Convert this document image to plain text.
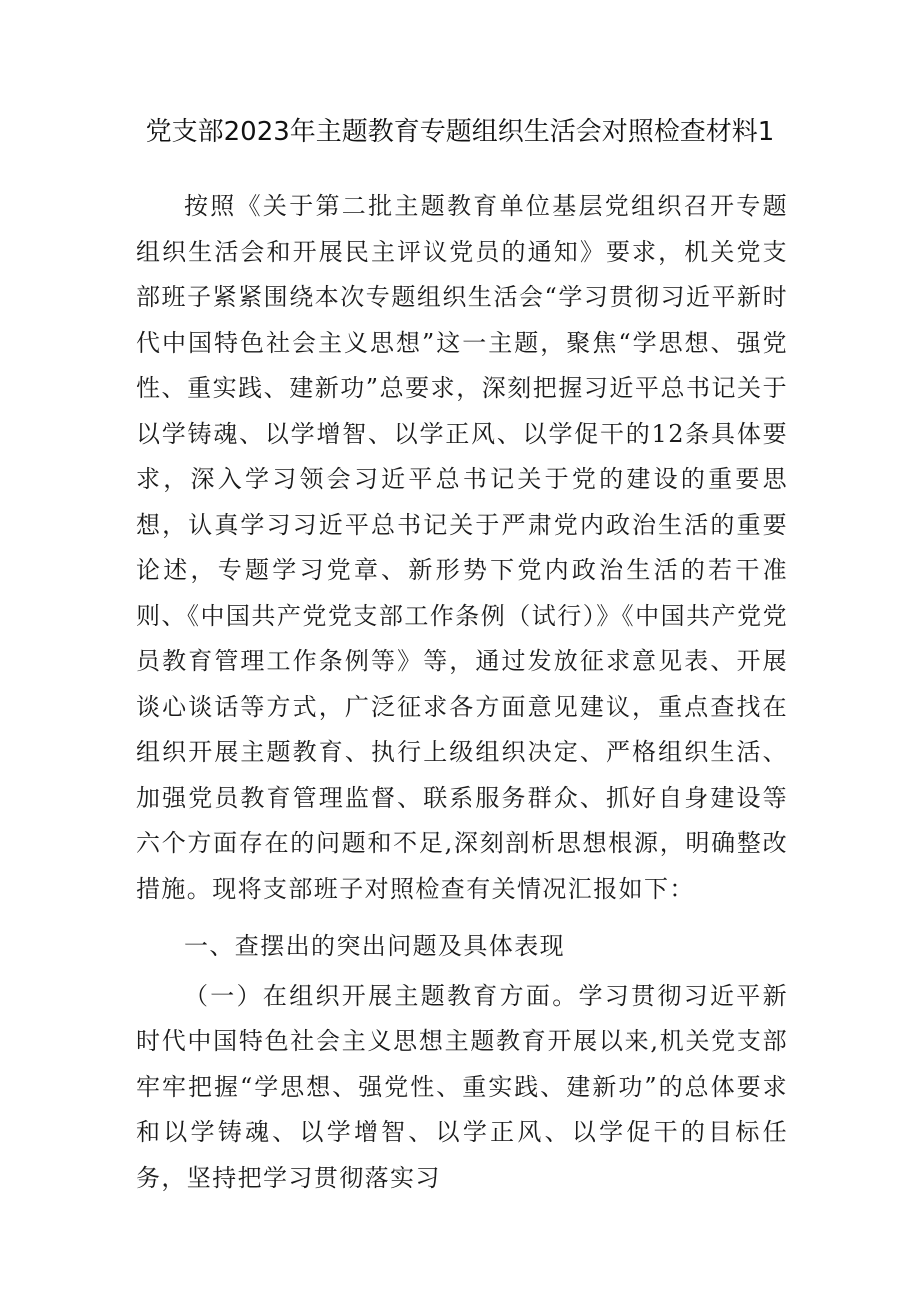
党支部2023年主题教育专题组织生活会对照检查材料1

按照《关于第二批主题教育单位基层党组织召开专题组织生活会和开展民主评议党员的通知》要求，机关党支部班子紧紧围绕本次专题组织生活会“学习贯彻习近平新时代中国特色社会主义思想”这一主题，聚焦“学思想、强党性、重实践、建新功”总要求，深刻把握习近平总书记关于以学铸魂、以学增智、以学正风、以学促干的12条具体要求，深入学习领会习近平总书记关于党的建设的重要思想，认真学习习近平总书记关于严肃党内政治生活的重要论述，专题学习党章、新形势下党内政治生活的若干准则、《中国共产党党支部工作条例（试行）》《中国共产党党员教育管理工作条例等》等，通过发放征求意见表、开展谈心谈话等方式，广泛征求各方面意见建议，重点查找在组织开展主题教育、执行上级组织决定、严格组织生活、加强党员教育管理监督、联系服务群众、抓好自身建设等六个方面存在的问题和不足,深刻剖析思想根源，明确整改措施。现将支部班子对照检查有关情况汇报如下：

一、查摆出的突出问题及具体表现

（一）在组织开展主题教育方面。学习贯彻习近平新时代中国特色社会主义思想主题教育开展以来,机关党支部牢牢把握“学思想、强党性、重实践、建新功”的总体要求和以学铸魂、以学增智、以学正风、以学促干的目标任务，坚持把学习贯彻落实习
